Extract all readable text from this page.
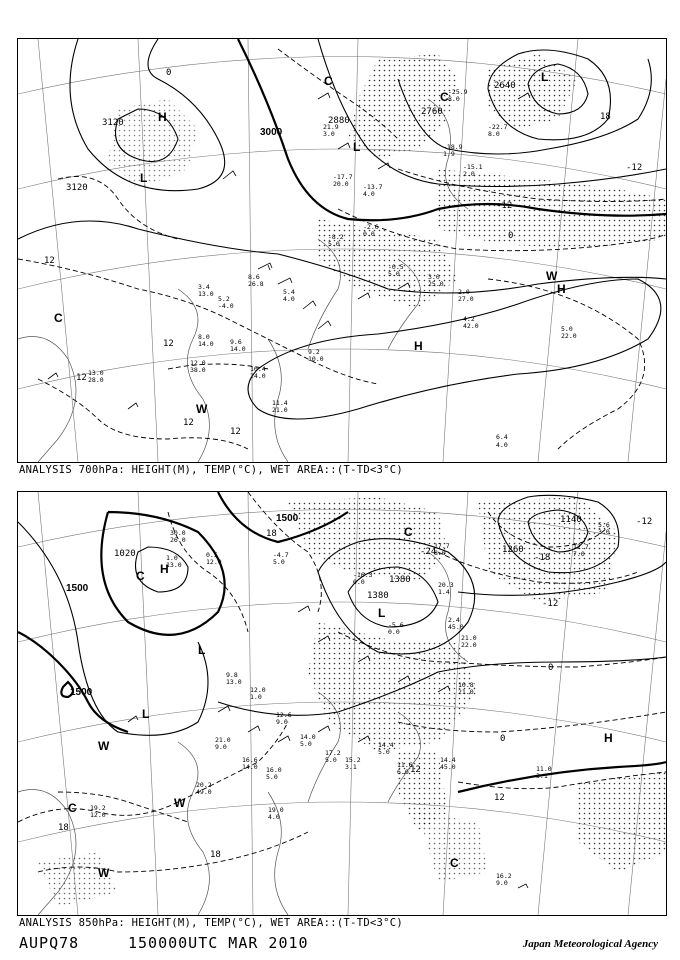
3.4
13.0
5.2
-4.0
8.6
26.8
5.4
4.0
8.0
14.0	9.6
14.0
10.4
24.0
9.2
10.0
11.4
21.0
12.0
38.0
13.0
28.0
-0.5
5.0	3.0
25.0
2.0
27.0
4.2
42.0	5.0
22.0
6.4
4.0
21.9
3.0
-17.7
20.0 -13.7
4.0
-18.9
1.9
-15.1
2.0
-25.9
8.0
-22.7
8.0
-2.6
0.0
-8.2
5.0
3120
3120
3000
2880
2760
2640
12
12
12
12
12
0
0
-12
-12
18
H
H
H
L
L
L
W
W
C
C
C
ANALYSIS 700hPa: HEIGHT(M), TEMP(°C), WET AREA::(T-TD<3°C)
30.0
26.0
1.0
13.0
0.5
12.0
9.8
13.0
12.0
1.0
12.6
9.0
14.0
5.0
17.2
5.0 15.2
3.1
14.4
5.0
11.6
6.0
21.0
9.0
16.6
14.0 16.0
5.0
20.2
49.0
19.2
12.0
19.0
4.0
14.4
45.0	11.0
3.1
16.2
9.0
10.8
21.0
2.4
45.0
21.0
22.0
20.3
1.4
17.7
8.0
12.7
7.0
5.6
3.0
-16.3
0.0
-5.6
0.0
-4.7
5.0
1500
1500
1500
1380
1380
1260
1140
1020
18
18
18
12
12
-18
-12
-12
-24
0
0
H
H
L
L
L
W
W
W
C
C
C
C
ANALYSIS 850hPa: HEIGHT(M), TEMP(°C), WET AREA::(T-TD<3°C)
AUPQ78	150000UTC MAR 2010	Japan Meteorological Agency
